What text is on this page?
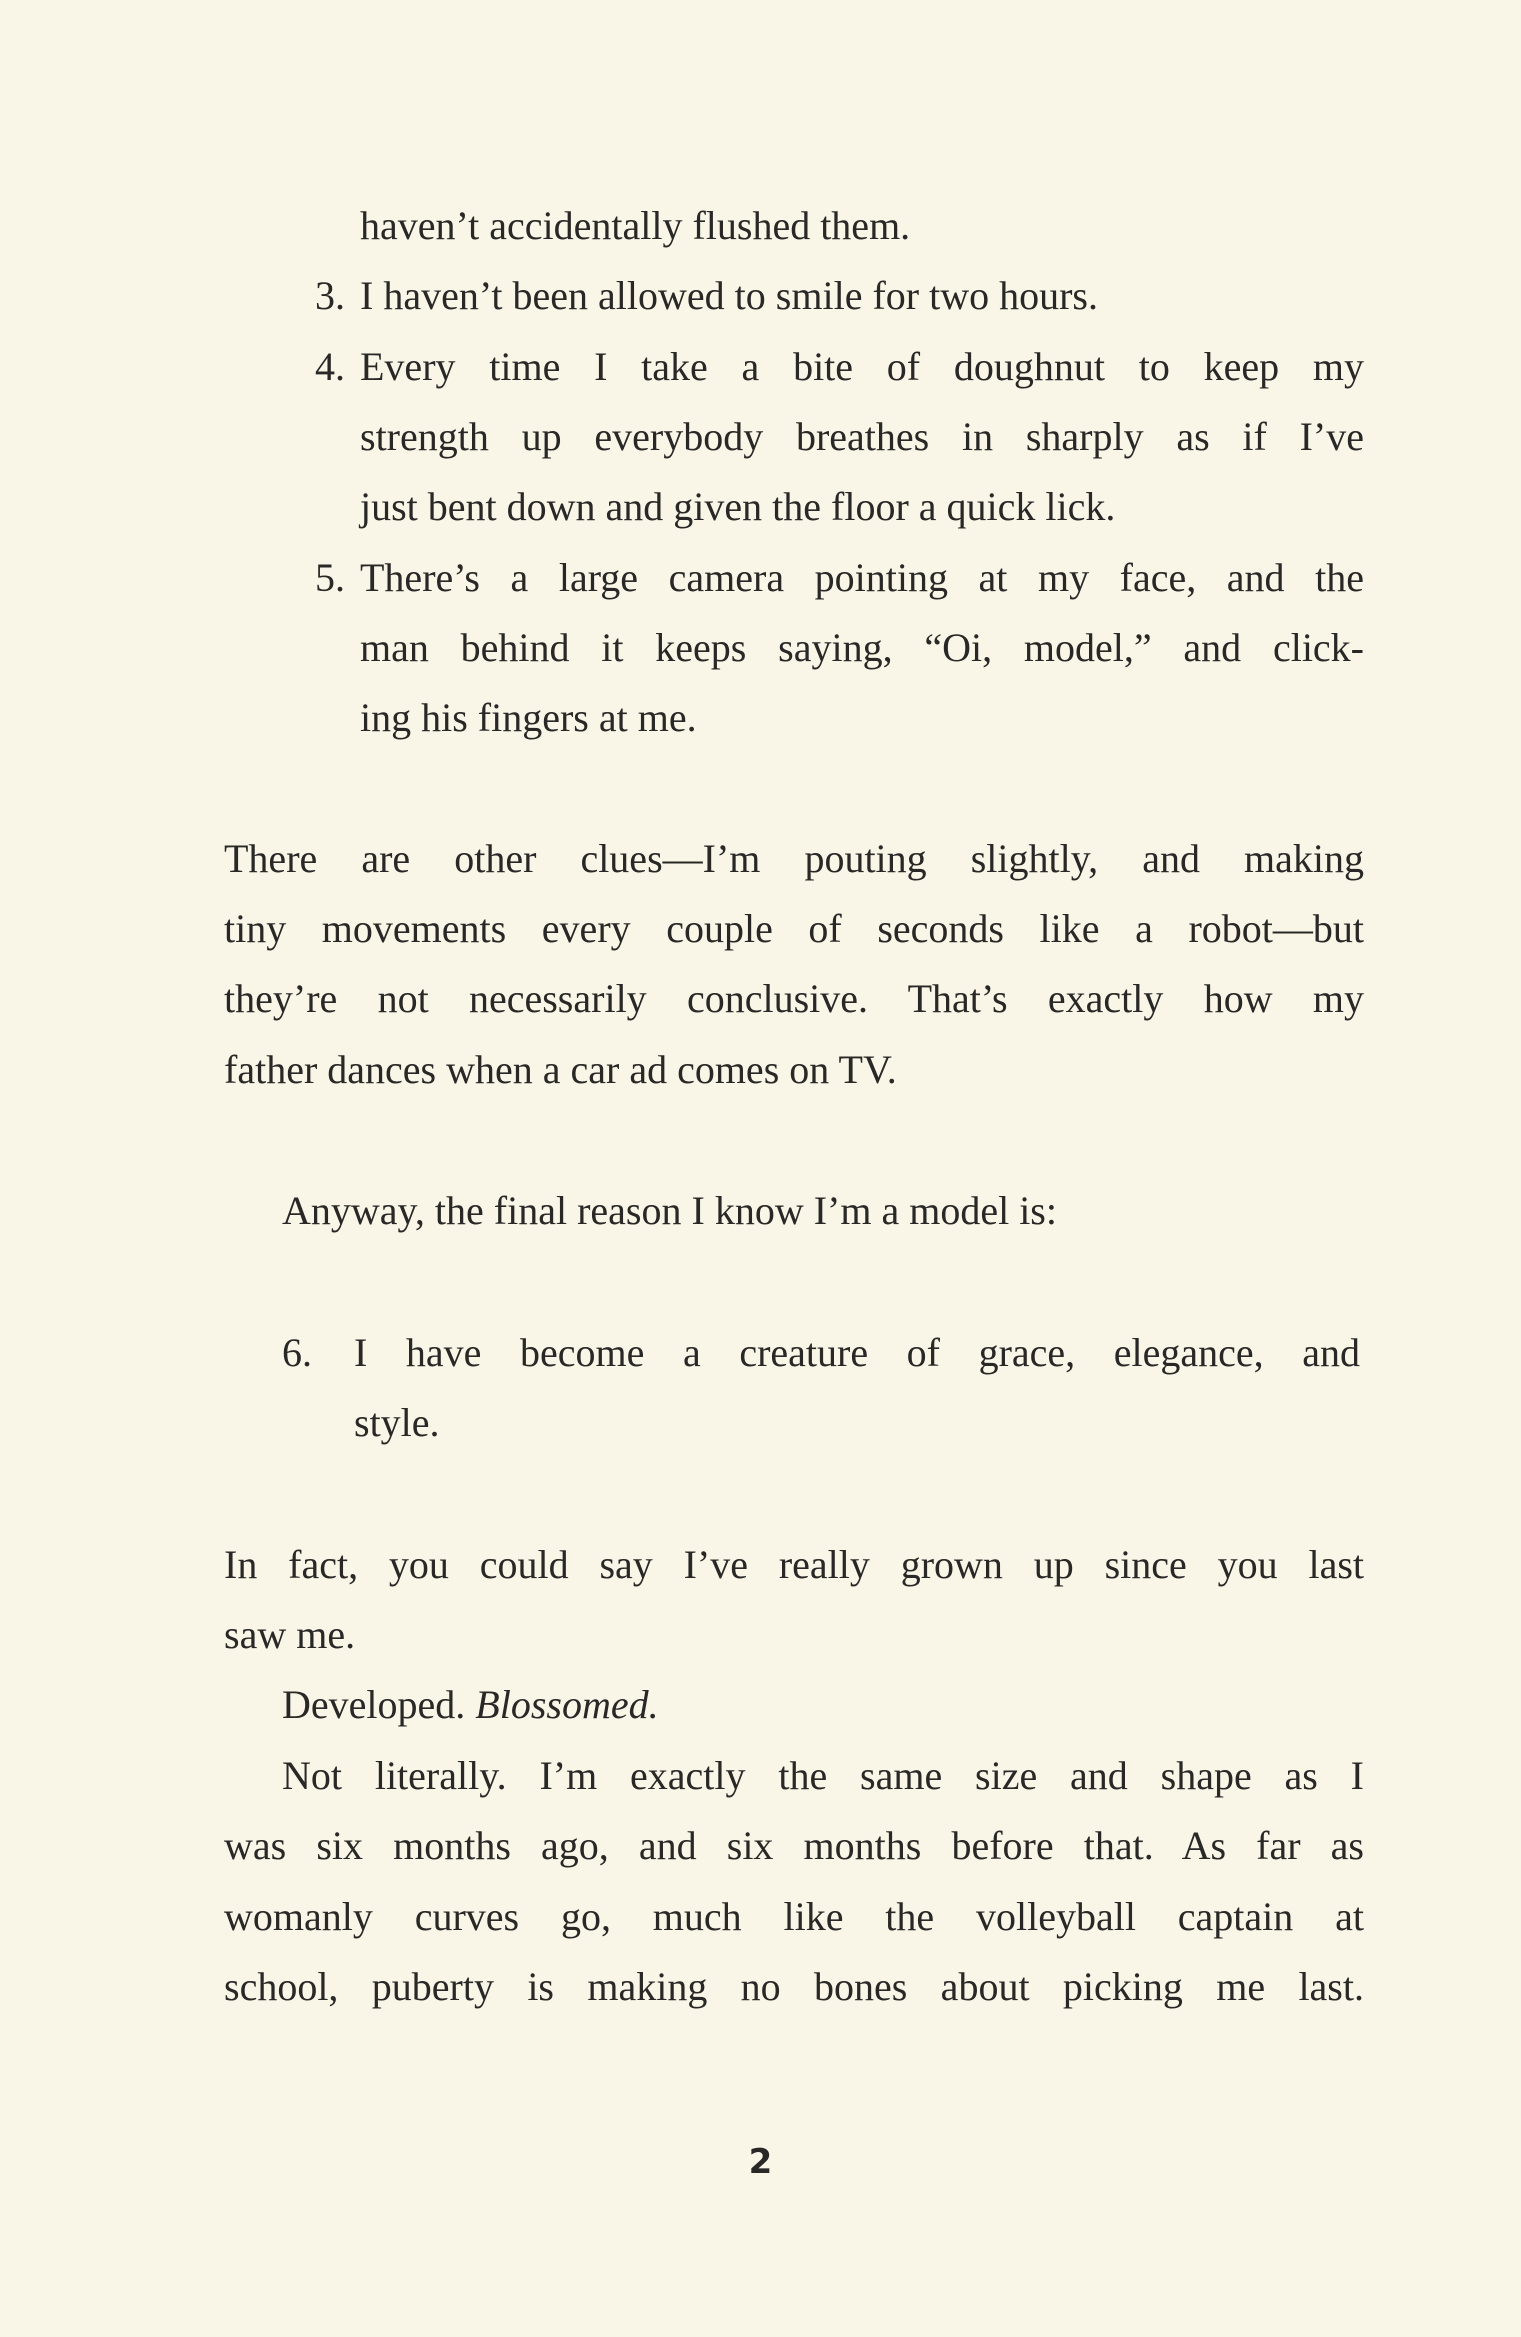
haven’t accidentally flushed them.
3. I haven’t been allowed to smile for two hours.
4. Every time I take a bite of doughnut to keep my
strength up everybody breathes in sharply as if I’ve
just bent down and given the floor a quick lick.
5. There’s a large camera pointing at my face, and the
man behind it keeps saying, “Oi, model,” and click-
ing his fingers at me.
There are other clues—I’m pouting slightly, and making
tiny movements every couple of seconds like a robot—but
they’re not necessarily conclusive. That’s exactly how my
father dances when a car ad comes on TV.
Anyway, the final reason I know I’m a model is:
6. I have become a creature of grace, elegance, and
style.
In fact, you could say I’ve really grown up since you last
saw me.
Developed. Blossomed.
Not literally. I’m exactly the same size and shape as I
was six months ago, and six months before that. As far as
womanly curves go, much like the volleyball captain at
school, puberty is making no bones about picking me last.
2
